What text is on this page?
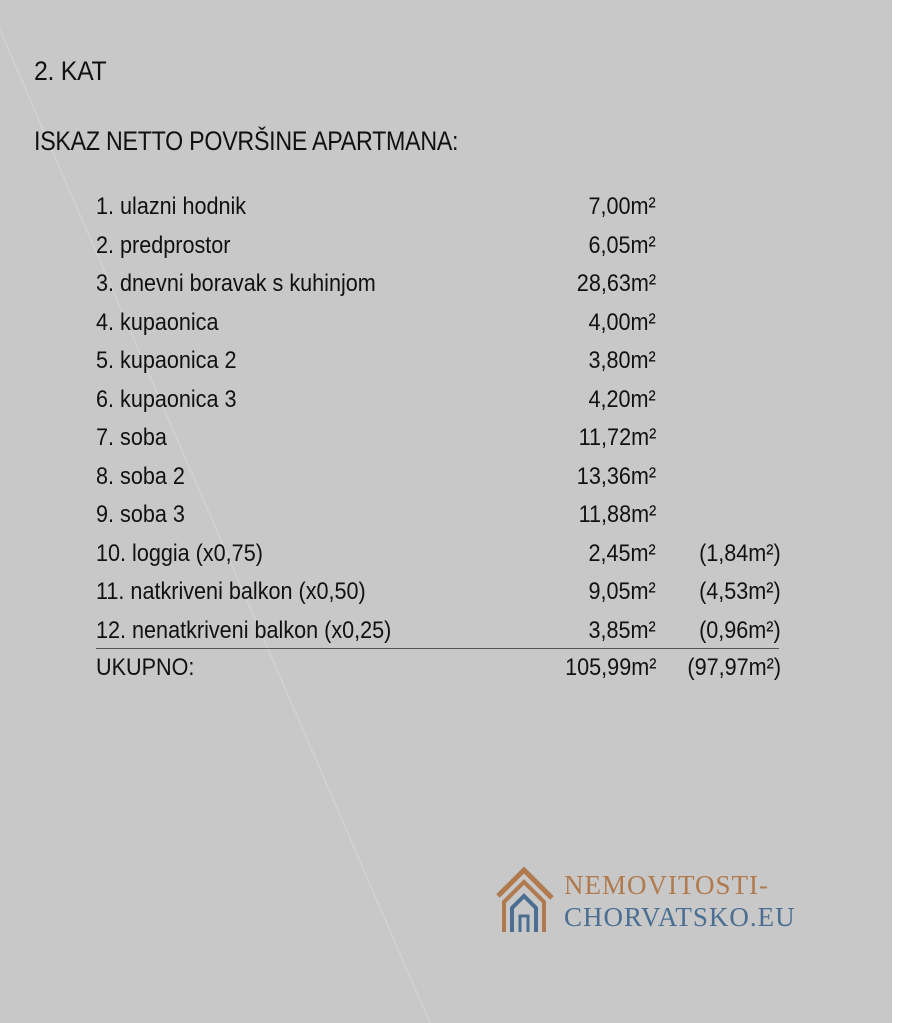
2. KAT
ISKAZ NETTO POVRŠINE APARTMANA:
1. ulazni hodnik	7,00m²
2. predprostor	6,05m²
3. dnevni boravak s kuhinjom	28,63m²
4. kupaonica	4,00m²
5. kupaonica 2	3,80m²
6. kupaonica 3	4,20m²
7. soba	11,72m²
8. soba 2	13,36m²
9. soba 3	11,88m²
10. loggia (x0,75)	2,45m² (1,84m²)
11. natkriveni balkon (x0,50)	9,05m² (4,53m²)
12. nenatkriveni balkon (x0,25)	3,85m² (0,96m²)
UKUPNO:	105,99m² (97,97m²)
NEMOVITOSTI-
CHORVATSKO.EU
